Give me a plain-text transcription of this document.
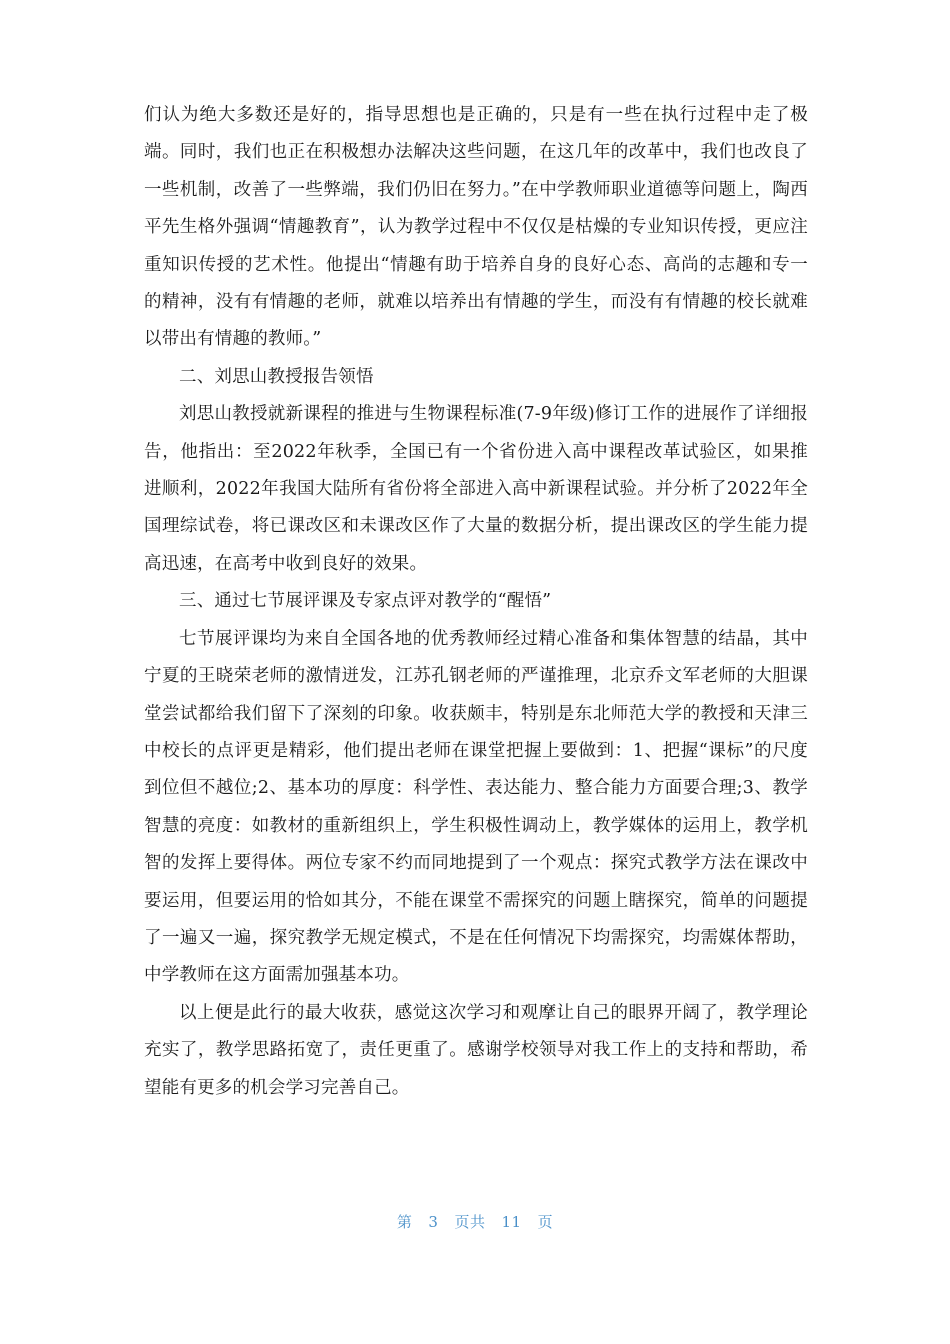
们认为绝大多数还是好的，指导思想也是正确的，只是有一些在执行过程中走了极端。同时，我们也正在积极想办法解决这些问题，在这几年的改革中，我们也改良了一些机制，改善了一些弊端，我们仍旧在努力。”在中学教师职业道德等问题上，陶西平先生格外强调“情趣教育”，认为教学过程中不仅仅是枯燥的专业知识传授，更应注重知识传授的艺术性。他提出“情趣有助于培养自身的良好心态、高尚的志趣和专一的精神，没有有情趣的老师，就难以培养出有情趣的学生，而没有有情趣的校长就难以带出有情趣的教师。”

二、刘思山教授报告领悟

刘思山教授就新课程的推进与生物课程标准(7-9年级)修订工作的进展作了详细报告，他指出：至2022年秋季，全国已有一个省份进入高中课程改革试验区，如果推进顺利，2022年我国大陆所有省份将全部进入高中新课程试验。并分析了2022年全国理综试卷，将已课改区和未课改区作了大量的数据分析，提出课改区的学生能力提高迅速，在高考中收到良好的效果。

三、通过七节展评课及专家点评对教学的“醒悟”

七节展评课均为来自全国各地的优秀教师经过精心准备和集体智慧的结晶，其中宁夏的王晓荣老师的激情迸发，江苏孔钢老师的严谨推理，北京乔文军老师的大胆课堂尝试都给我们留下了深刻的印象。收获颇丰，特别是东北师范大学的教授和天津三中校长的点评更是精彩，他们提出老师在课堂把握上要做到：1、把握“课标”的尺度到位但不越位;2、基本功的厚度：科学性、表达能力、整合能力方面要合理;3、教学智慧的亮度：如教材的重新组织上，学生积极性调动上，教学媒体的运用上，教学机智的发挥上要得体。两位专家不约而同地提到了一个观点：探究式教学方法在课改中要运用，但要运用的恰如其分，不能在课堂不需探究的问题上瞎探究，简单的问题提了一遍又一遍，探究教学无规定模式，不是在任何情况下均需探究，均需媒体帮助，中学教师在这方面需加强基本功。

以上便是此行的最大收获，感觉这次学习和观摩让自己的眼界开阔了，教学理论充实了，教学思路拓宽了，责任更重了。感谢学校领导对我工作上的支持和帮助，希望能有更多的机会学习完善自己。

第 3 页共 11 页
